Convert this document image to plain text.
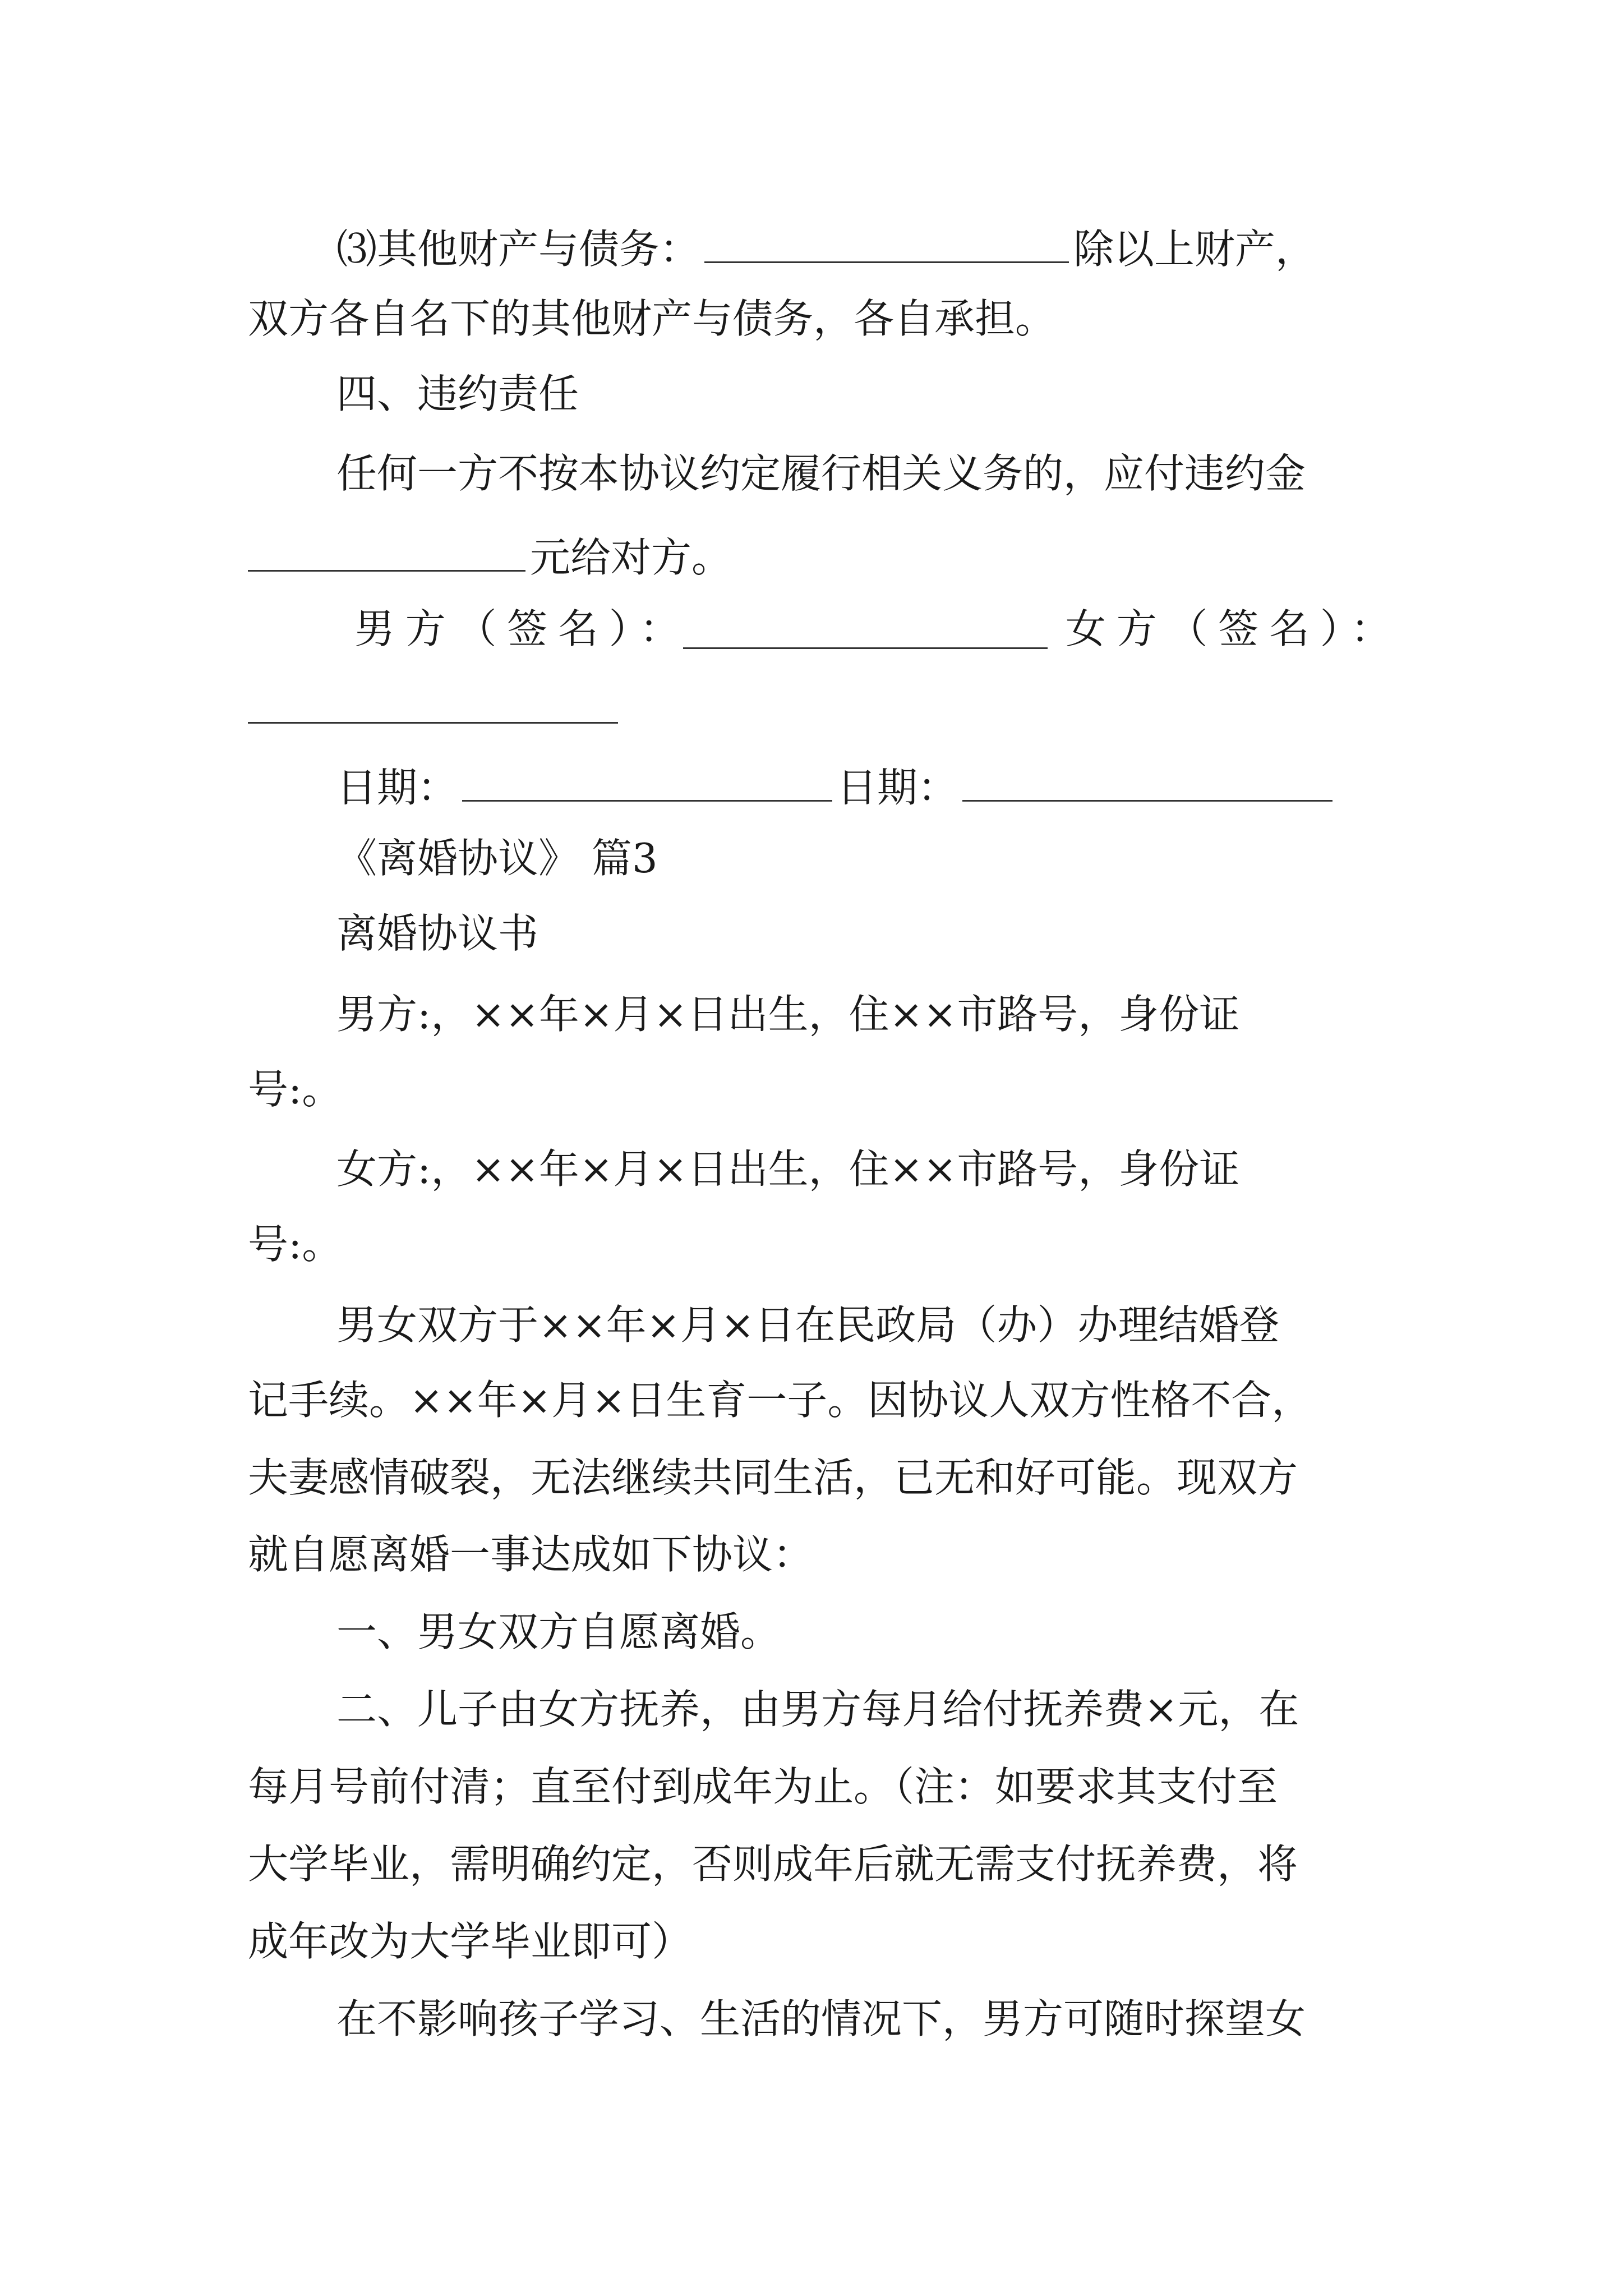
⑶其他财产与债务：	除以上财产，
双方各自名下的其他财产与债务，各自承担。
四、违约责任
任何一方不按本协议约定履行相关义务的，应付违约金
元给对方。
男方（签名）：	女方（签名）：
日期：	日期：
《离婚协议》 篇3
离婚协议书
男方:，××年×月×日出生，住××市路号，身份证
号:。
女方:，××年×月×日出生，住××市路号，身份证
号:。
男女双方于××年×月×日在民政局（办）办理结婚登
记手续。××年×月×日生育一子。因协议人双方性格不合，
夫妻感情破裂，无法继续共同生活，已无和好可能。现双方
就自愿离婚一事达成如下协议：
一、男女双方自愿离婚。
二、儿子由女方抚养，由男方每月给付抚养费×元，在
每月号前付清；直至付到成年为止。（注：如要求其支付至
大学毕业，需明确约定，否则成年后就无需支付抚养费，将
成年改为大学毕业即可）
在不影响孩子学习、生活的情况下，男方可随时探望女
